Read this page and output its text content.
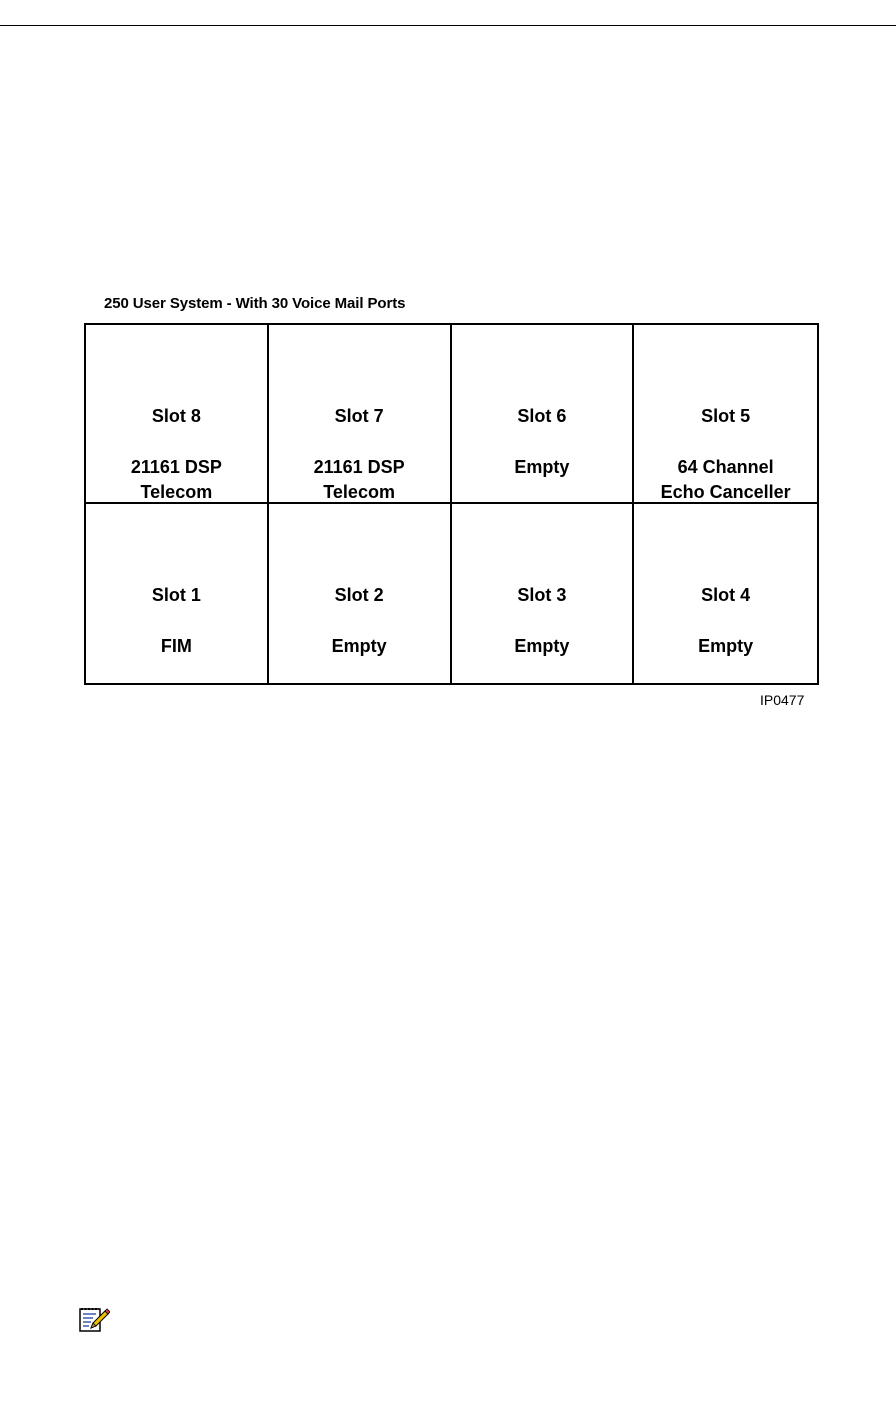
250 User System - With 30 Voice Mail Ports
Slot 8
21161 DSP
Telecom
Slot 7
21161 DSP
Telecom
Slot 6
Empty
Slot 5
64 Channel
Echo Canceller
Slot 1
FIM
Slot 2
Empty
Slot 3
Empty
Slot 4
Empty
IP0477
